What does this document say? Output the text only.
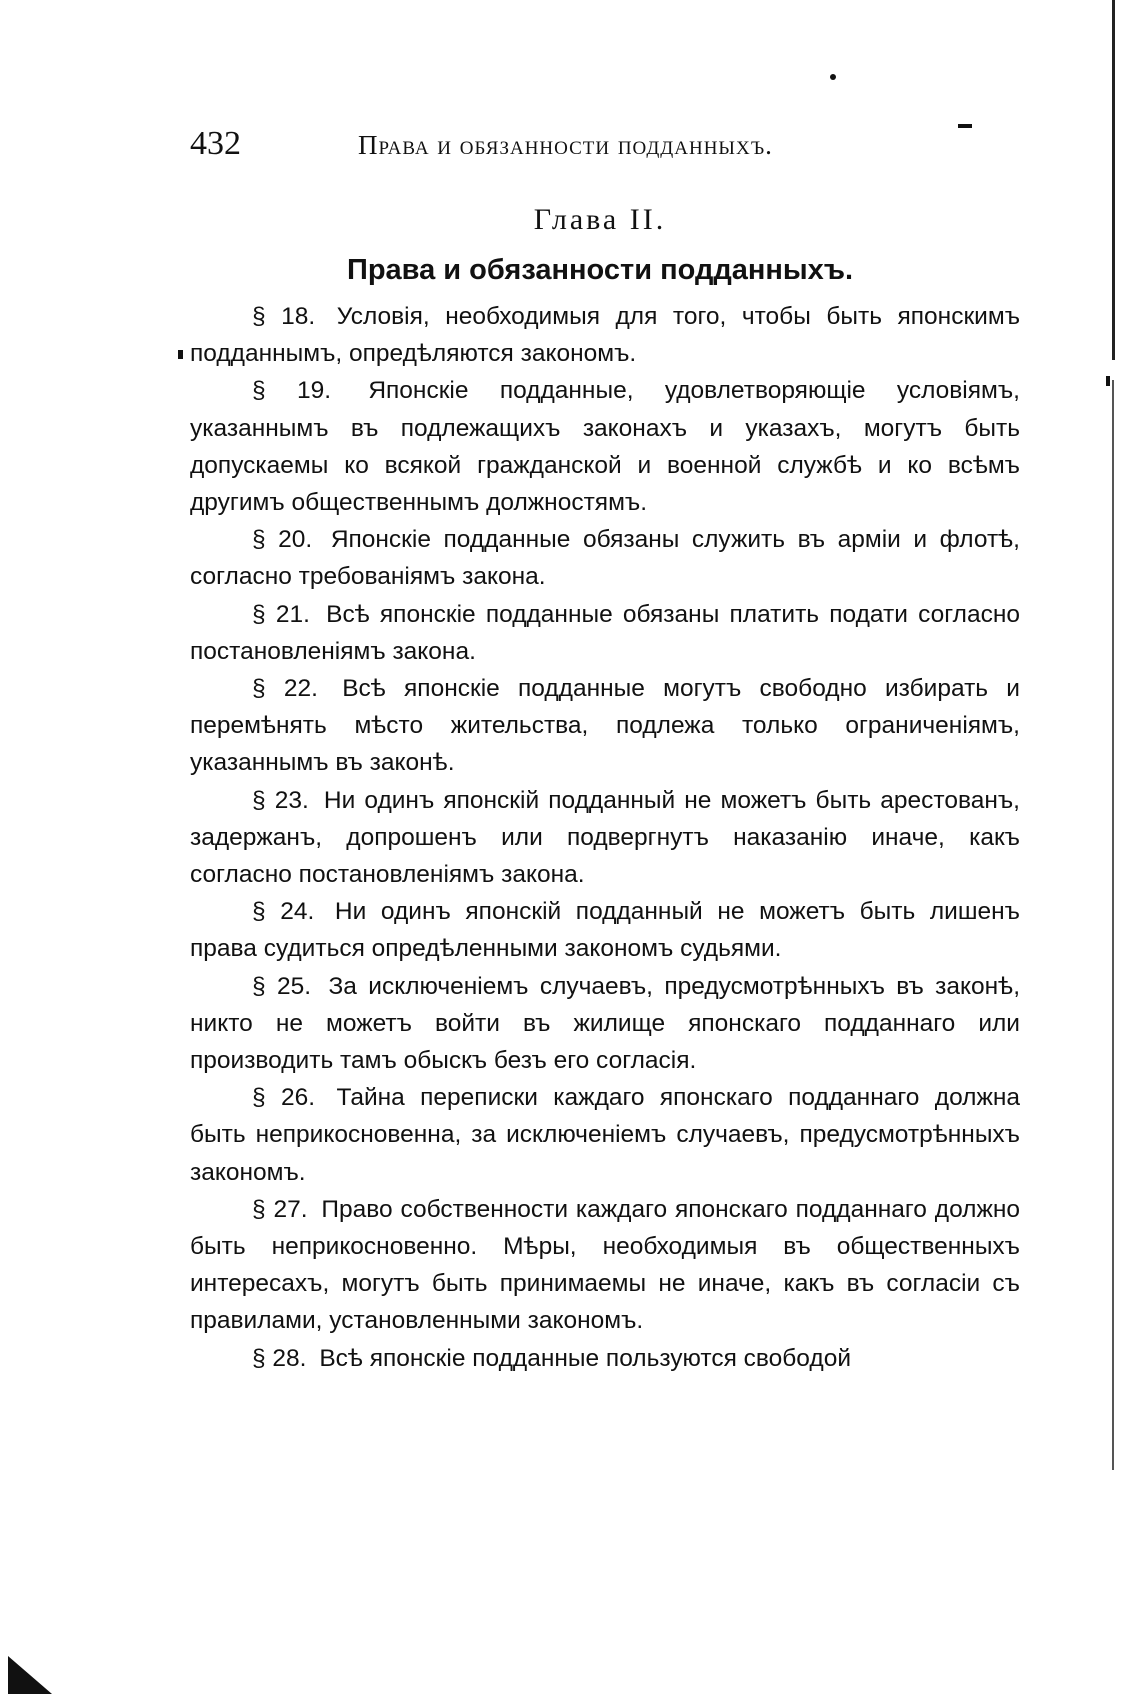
432	Права и обязанности подданныхъ.
Глава II.
Права и обязанности подданныхъ.

§ 18. Условія, необходимыя для того, чтобы быть японскимъ подданнымъ, опредѣляются закономъ.

§ 19. Японскіе подданные, удовлетворяющіе условіямъ, указаннымъ въ подлежащихъ законахъ и указахъ, могутъ быть допускаемы ко всякой гражданской и военной службѣ и ко всѣмъ другимъ общественнымъ должностямъ.

§ 20. Японскіе подданные обязаны служить въ арміи и флотѣ, согласно требованіямъ закона.

§ 21. Всѣ японскіе подданные обязаны платить подати согласно постановленіямъ закона.

§ 22. Всѣ японскіе подданные могутъ свободно избирать и перемѣнять мѣсто жительства, подлежа только ограниченіямъ, указаннымъ въ законѣ.

§ 23. Ни одинъ японскій подданный не можетъ быть арестованъ, задержанъ, допрошенъ или подвергнутъ наказанію иначе, какъ согласно постановленіямъ закона.

§ 24. Ни одинъ японскій подданный не можетъ быть лишенъ права судиться опредѣленными закономъ судьями.

§ 25. За исключеніемъ случаевъ, предусмотрѣнныхъ въ законѣ, никто не можетъ войти въ жилище японскаго подданнаго или производить тамъ обыскъ безъ его согласія.

§ 26. Тайна переписки каждаго японскаго подданнаго должна быть неприкосновенна, за исключеніемъ случаевъ, предусмотрѣнныхъ закономъ.

§ 27. Право собственности каждаго японскаго подданнаго должно быть неприкосновенно. Мѣры, необходимыя въ общественныхъ интересахъ, могутъ быть принимаемы не иначе, какъ въ согласіи съ правилами, установленными закономъ.

§ 28. Всѣ японскіе подданные пользуются свободой
